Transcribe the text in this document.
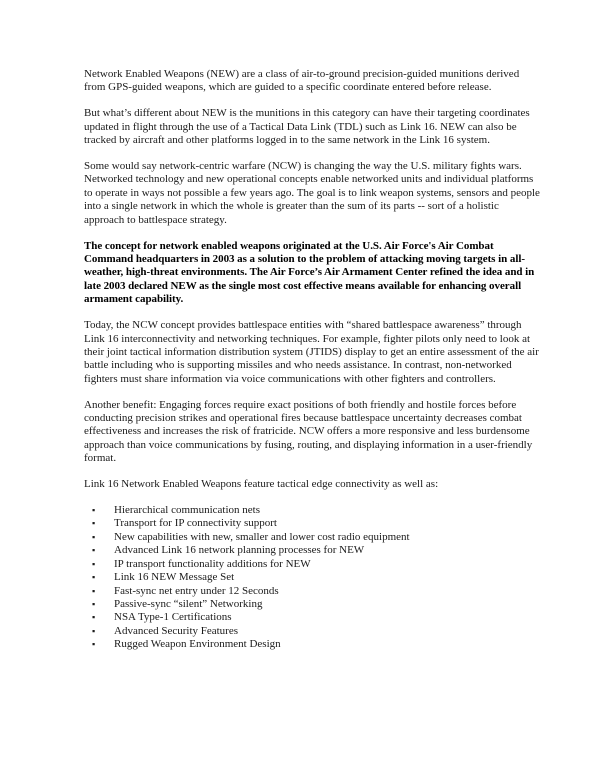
Network Enabled Weapons (NEW) are a class of air-to-ground precision-guided munitions derived from GPS-guided weapons, which are guided to a specific coordinate entered before release.

But what’s different about NEW is the munitions in this category can have their targeting coordinates updated in flight through the use of a Tactical Data Link (TDL) such as Link 16. NEW can also be tracked by aircraft and other platforms logged in to the same network in the Link 16 system.

Some would say network-centric warfare (NCW) is changing the way the U.S. military fights wars. Networked technology and new operational concepts enable networked units and individual platforms to operate in ways not possible a few years ago. The goal is to link weapon systems, sensors and people into a single network in which the whole is greater than the sum of its parts -- sort of a holistic approach to battlespace strategy.

The concept for network enabled weapons originated at the U.S. Air Force's Air Combat Command headquarters in 2003 as a solution to the problem of attacking moving targets in all-weather, high-threat environments. The Air Force’s Air Armament Center refined the idea and in late 2003 declared NEW as the single most cost effective means available for enhancing overall armament capability.

Today, the NCW concept provides battlespace entities with “shared battlespace awareness” through Link 16 interconnectivity and networking techniques. For example, fighter pilots only need to look at their joint tactical information distribution system (JTIDS) display to get an entire assessment of the air battle including who is supporting missiles and who needs assistance. In contrast, non-networked fighters must share information via voice communications with other fighters and controllers.

Another benefit: Engaging forces require exact positions of both friendly and hostile forces before conducting precision strikes and operational fires because battlespace uncertainty decreases combat effectiveness and increases the risk of fratricide. NCW offers a more responsive and less burdensome approach than voice communications by fusing, routing, and displaying information in a user-friendly format.

Link 16 Network Enabled Weapons feature tactical edge connectivity as well as:

▪ Hierarchical communication nets
▪ Transport for IP connectivity support
▪ New capabilities with new, smaller and lower cost radio equipment
▪ Advanced Link 16 network planning processes for NEW
▪ IP transport functionality additions for NEW
▪ Link 16 NEW Message Set
▪ Fast-sync net entry under 12 Seconds
▪ Passive-sync “silent” Networking
▪ NSA Type-1 Certifications
▪ Advanced Security Features
▪ Rugged Weapon Environment Design
